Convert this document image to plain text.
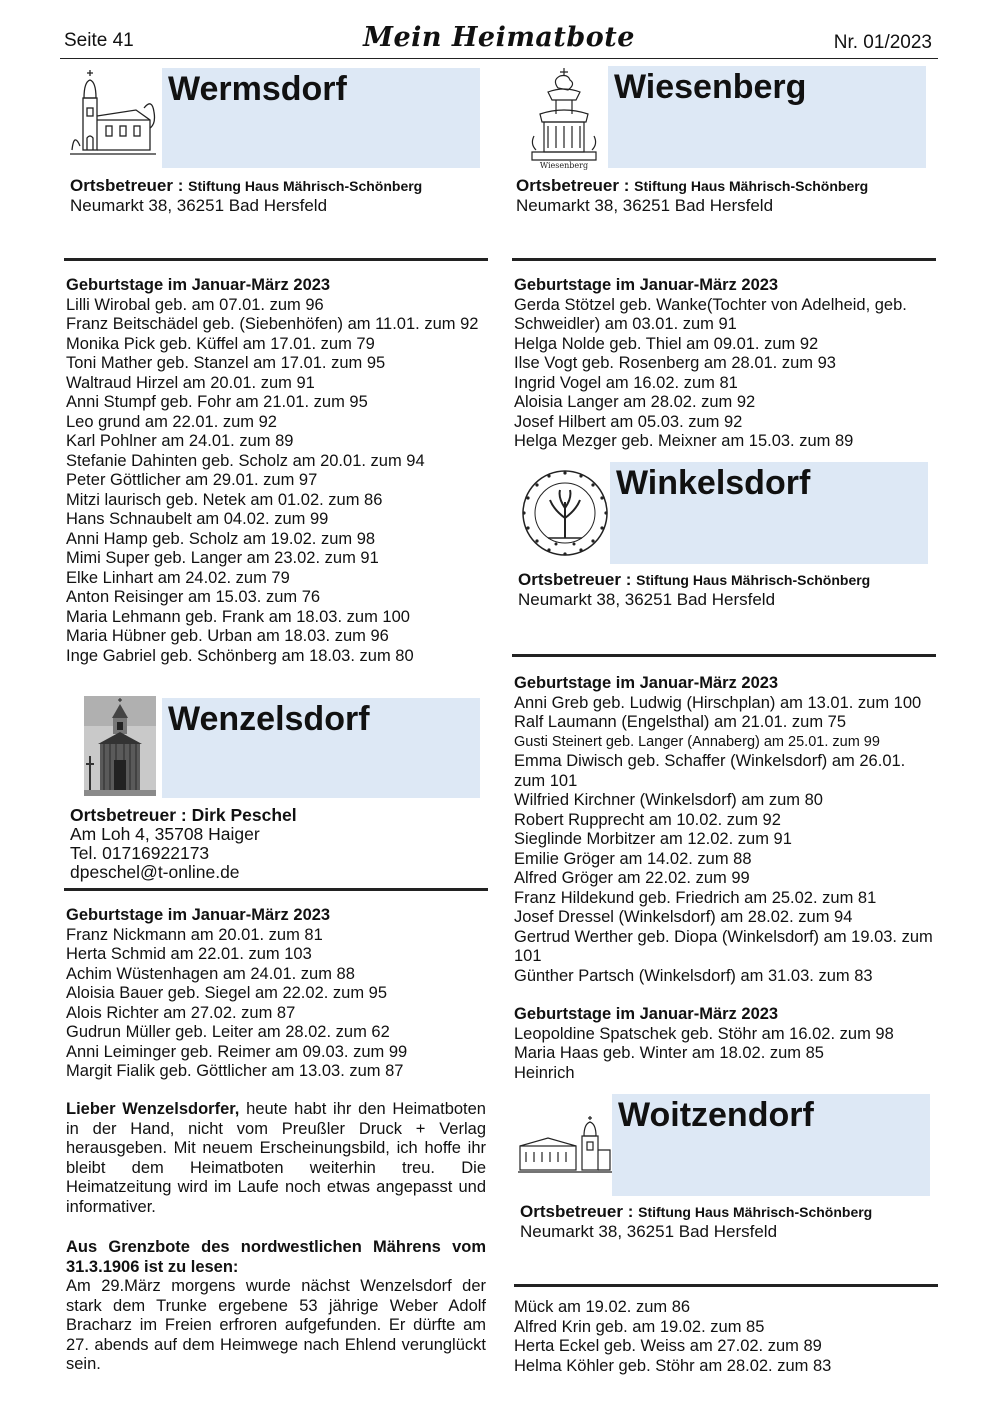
Seite 41	Mein Heimatbote	Nr. 01/2023
Wermsdorf
Ortsbetreuer : Stiftung Haus Mährisch-Schönberg
Neumarkt 38, 36251 Bad Hersfeld
Geburtstage im Januar-März 2023
Lilli Wirobal geb. am 07.01. zum 96
Franz Beitschädel geb. (Siebenhöfen) am 11.01. zum 92
Monika Pick geb. Küffel am 17.01. zum 79
Toni Mather geb. Stanzel am 17.01. zum 95
Waltraud Hirzel am 20.01. zum 91
Anni Stumpf geb. Fohr am 21.01. zum 95
Leo grund am 22.01. zum 92
Karl Pohlner am 24.01. zum 89
Stefanie Dahinten geb. Scholz am 20.01. zum 94
Peter Göttlicher am 29.01. zum 97
Mitzi laurisch geb. Netek am 01.02. zum 86
Hans Schnaubelt am 04.02. zum 99
Anni Hamp geb. Scholz am 19.02. zum 98
Mimi Super geb. Langer am 23.02. zum 91
Elke Linhart am 24.02. zum 79
Anton Reisinger am 15.03. zum 76
Maria Lehmann geb. Frank am 18.03. zum 100
Maria Hübner geb. Urban am 18.03. zum 96
Inge Gabriel geb. Schönberg am 18.03. zum 80
Wenzelsdorf
Ortsbetreuer : Dirk Peschel
Am Loh 4, 35708 Haiger
Tel. 01716922173
dpeschel@t-online.de
Geburtstage im Januar-März 2023
Franz Nickmann am 20.01. zum 81
Herta Schmid am 22.01. zum 103
Achim Wüstenhagen am 24.01. zum 88
Aloisia Bauer geb. Siegel am 22.02. zum 95
Alois Richter am 27.02. zum 87
Gudrun Müller geb. Leiter am 28.02. zum 62
Anni Leiminger geb. Reimer am 09.03. zum 99
Margit Fialik geb. Göttlicher am 13.03. zum 87
Lieber Wenzelsdorfer, heute habt ihr den Heimatboten in der Hand, nicht vom Preußler Druck + Verlag herausgeben. Mit neuem Erscheinungsbild, ich hoffe ihr bleibt dem Heimatboten weiterhin treu. Die Heimatzeitung wird im Laufe noch etwas angepasst und informativer.
Aus Grenzbote des nordwestlichen Mährens vom 31.3.1906 ist zu lesen:
Am 29.März morgens wurde nächst Wenzelsdorf der stark dem Trunke ergebene 53 jährige Weber Adolf Bracharz im Freien erfroren aufgefunden. Er dürfte am 27. abends auf dem Heimwege nach Ehlend verunglückt sein.
Wiesenberg
Wiesenberg
Ortsbetreuer : Stiftung Haus Mährisch-Schönberg
Neumarkt 38, 36251 Bad Hersfeld
Geburtstage im Januar-März 2023
Gerda Stötzel geb. Wanke(Tochter von Adelheid, geb. Schweidler) am 03.01. zum 91
Helga Nolde geb. Thiel am 09.01. zum 92
Ilse Vogt geb. Rosenberg am 28.01. zum 93
Ingrid Vogel am 16.02. zum 81
Aloisia Langer am 28.02. zum 92
Josef Hilbert am 05.03. zum 92
Helga Mezger geb. Meixner am 15.03. zum 89
Winkelsdorf
Ortsbetreuer : Stiftung Haus Mährisch-Schönberg
Neumarkt 38, 36251 Bad Hersfeld
Geburtstage im Januar-März 2023
Anni Greb geb. Ludwig (Hirschplan) am 13.01. zum 100
Ralf Laumann (Engelsthal) am 21.01. zum 75
Gusti Steinert geb. Langer (Annaberg) am 25.01. zum 99
Emma Diwisch geb. Schaffer (Winkelsdorf) am 26.01. zum 101
Wilfried Kirchner (Winkelsdorf) am zum 80
Robert Rupprecht am 10.02. zum 92
Sieglinde Morbitzer am 12.02. zum 91
Emilie Gröger am 14.02. zum 88
Alfred Gröger am 22.02. zum 99
Franz Hildekund geb. Friedrich am 25.02. zum 81
Josef Dressel (Winkelsdorf) am 28.02. zum 94
Gertrud Werther geb. Diopa (Winkelsdorf) am 19.03. zum 101
Günther Partsch (Winkelsdorf) am 31.03. zum 83
Geburtstage im Januar-März 2023
Leopoldine Spatschek geb. Stöhr am 16.02. zum 98
Maria Haas geb. Winter am 18.02. zum 85
Heinrich
Woitzendorf
Ortsbetreuer : Stiftung Haus Mährisch-Schönberg
Neumarkt 38, 36251 Bad Hersfeld
Mück am 19.02. zum 86
Alfred Krin geb. am 19.02. zum 85
Herta Eckel geb. Weiss am 27.02. zum 89
Helma Köhler geb. Stöhr am 28.02. zum 83
